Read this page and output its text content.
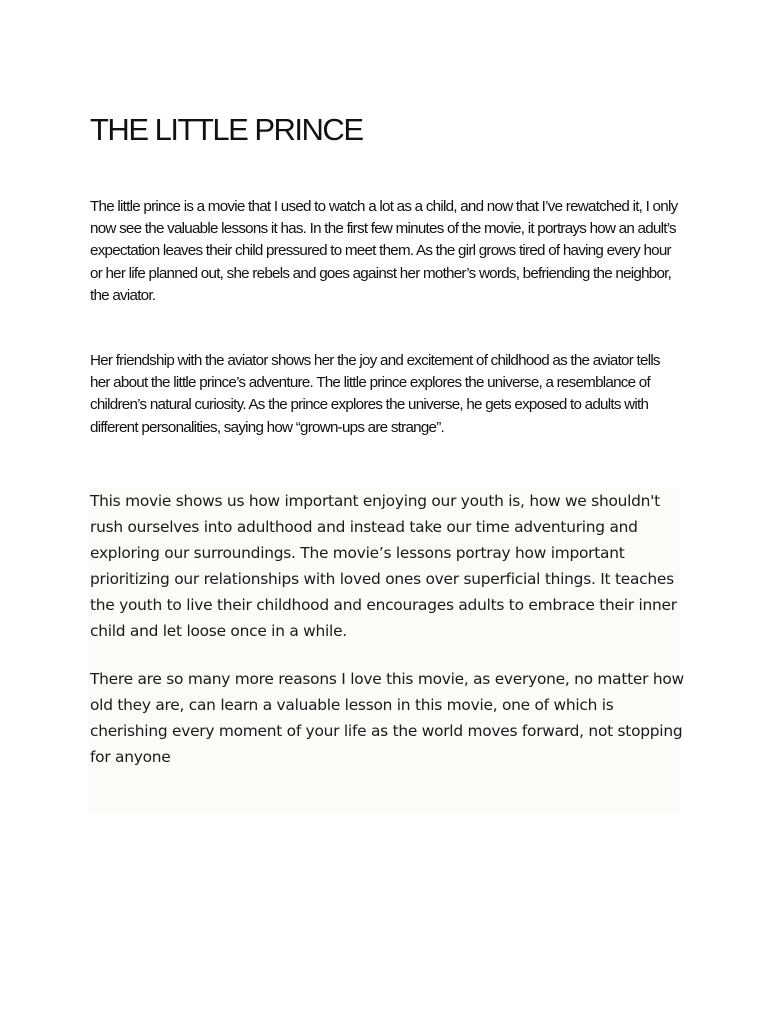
THE LITTLE PRINCE

The little prince is a movie that I used to watch a lot as a child, and now that I’ve rewatched it, I only now see the valuable lessons it has. In the first few minutes of the movie, it portrays how an adult’s expectation leaves their child pressured to meet them. As the girl grows tired of having every hour or her life planned out, she rebels and goes against her mother’s words, befriending the neighbor, the aviator.

Her friendship with the aviator shows her the joy and excitement of childhood as the aviator tells her about the little prince’s adventure. The little prince explores the universe, a resemblance of children’s natural curiosity. As the prince explores the universe, he gets exposed to adults with different personalities, saying how “grown-ups are strange”.

This movie shows us how important enjoying our youth is, how we shouldn't rush ourselves into adulthood and instead take our time adventuring and exploring our surroundings. The movie’s lessons portray how important prioritizing our relationships with loved ones over superficial things. It teaches the youth to live their childhood and encourages adults to embrace their inner child and let loose once in a while.

There are so many more reasons I love this movie, as everyone, no matter how old they are, can learn a valuable lesson in this movie, one of which is cherishing every moment of your life as the world moves forward, not stopping for anyone
